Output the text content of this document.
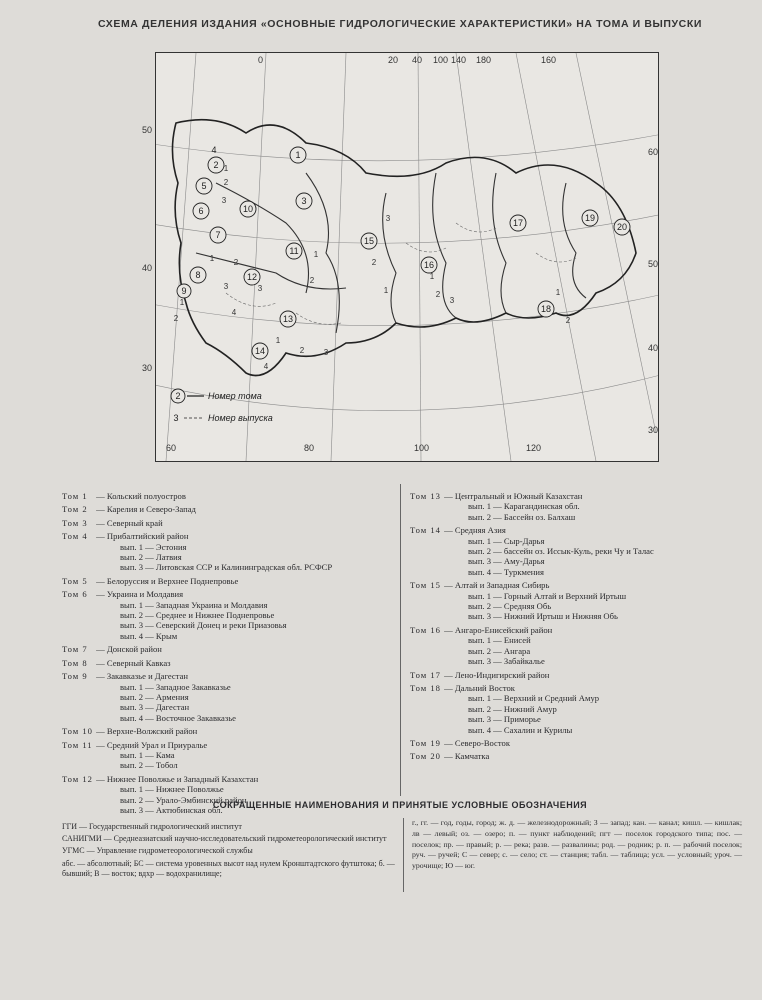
СХЕМА ДЕЛЕНИЯ ИЗДАНИЯ «ОСНОВНЫЕ ГИДРОЛОГИЧЕСКИЕ ХАРАКТЕРИСТИКИ» НА ТОМА И ВЫПУСКИ
1
2
3
4
5
6
7
8
9
10
11
12
13
14
15
16
17
18
19
20
1
2
3
1 2
3
4
1
2
1
2
3
1
2 3
4
1
2
3
2
1
3
1
2
2	Номер тома
3	Номер выпуска
0	20 40 100 140 180	160
50
40
30
60
50
40
30
60	80	100	120
Том 1 — Кольский полуостров
Том 2 — Карелия и Северо-Запад
Том 3 — Северный край
Том 4 — Прибалтийский район
вып. 1 — Эстония
вып. 2 — Латвия
вып. 3 — Литовская ССР и Калининградская обл. РСФСР
Том 5 — Белоруссия и Верхнее Поднепровье
Том 6 — Украина и Молдавия
вып. 1 — Западная Украина и Молдавия
вып. 2 — Среднее и Нижнее Поднепровье
вып. 3 — Северский Донец и реки Приазовья
вып. 4 — Крым
Том 7 — Донской район
Том 8 — Северный Кавказ
Том 9 — Закавказье и Дагестан
вып. 1 — Западное Закавказье
вып. 2 — Армения
вып. 3 — Дагестан
вып. 4 — Восточное Закавказье
Том 10 — Верхне-Волжский район
Том 11 — Средний Урал и Приуралье
вып. 1 — Кама
вып. 2 — Тобол
Том 12 — Нижнее Поволжье и Западный Казахстан
вып. 1 — Нижнее Поволжье
вып. 2 — Урало-Эмбинский район
вып. 3 — Актюбинская обл.
Том 13 — Центральный и Южный Казахстан
вып. 1 — Карагандинская обл.
вып. 2 — Бассейн оз. Балхаш
Том 14 — Средняя Азия
вып. 1 — Сыр-Дарья
вып. 2 — бассейн оз. Иссык-Куль, реки Чу и Талас
вып. 3 — Аму-Дарья
вып. 4 — Туркмения
Том 15 — Алтай и Западная Сибирь
вып. 1 — Горный Алтай и Верхний Иртыш
вып. 2 — Средняя Обь
вып. 3 — Нижний Иртыш и Нижняя Обь
Том 16 — Ангаро-Енисейский район
вып. 1 — Енисей
вып. 2 — Ангара
вып. 3 — Забайкалье
Том 17 — Лено-Индигирский район
Том 18 — Дальний Восток
вып. 1 — Верхний и Средний Амур
вып. 2 — Нижний Амур
вып. 3 — Приморье
вып. 4 — Сахалин и Курилы
Том 19 — Северо-Восток
Том 20 — Камчатка
СОКРАЩЕННЫЕ НАИМЕНОВАНИЯ И ПРИНЯТЫЕ УСЛОВНЫЕ ОБОЗНАЧЕНИЯ

ГГИ — Государственный гидрологический институт

САНИГМИ — Среднеазиатский научно-исследовательский гидрометеорологический институт

УГМС — Управление гидрометеорологической службы

абс. — абсолютный; БС — система уровенных высот над нулем Кронштадтского футштока; б. — бывший; В — восток; вдхр — водохранилище;

г., гг. — год, годы, город; ж. д. — железнодорожный; З — запад; кан. — канал; кишл. — кишлак; лв — левый; оз. — озеро; п. — пункт наблюдений; пгт — поселок городского типа; пос. — поселок; пр. — правый; р. — река; разв. — развалины; род. — родник; р. п. — рабочий поселок; руч. — ручей; С — север; с. — село; ст. — станция; табл. — таблица; усл. — условный; уроч. — урочище; Ю — юг.
